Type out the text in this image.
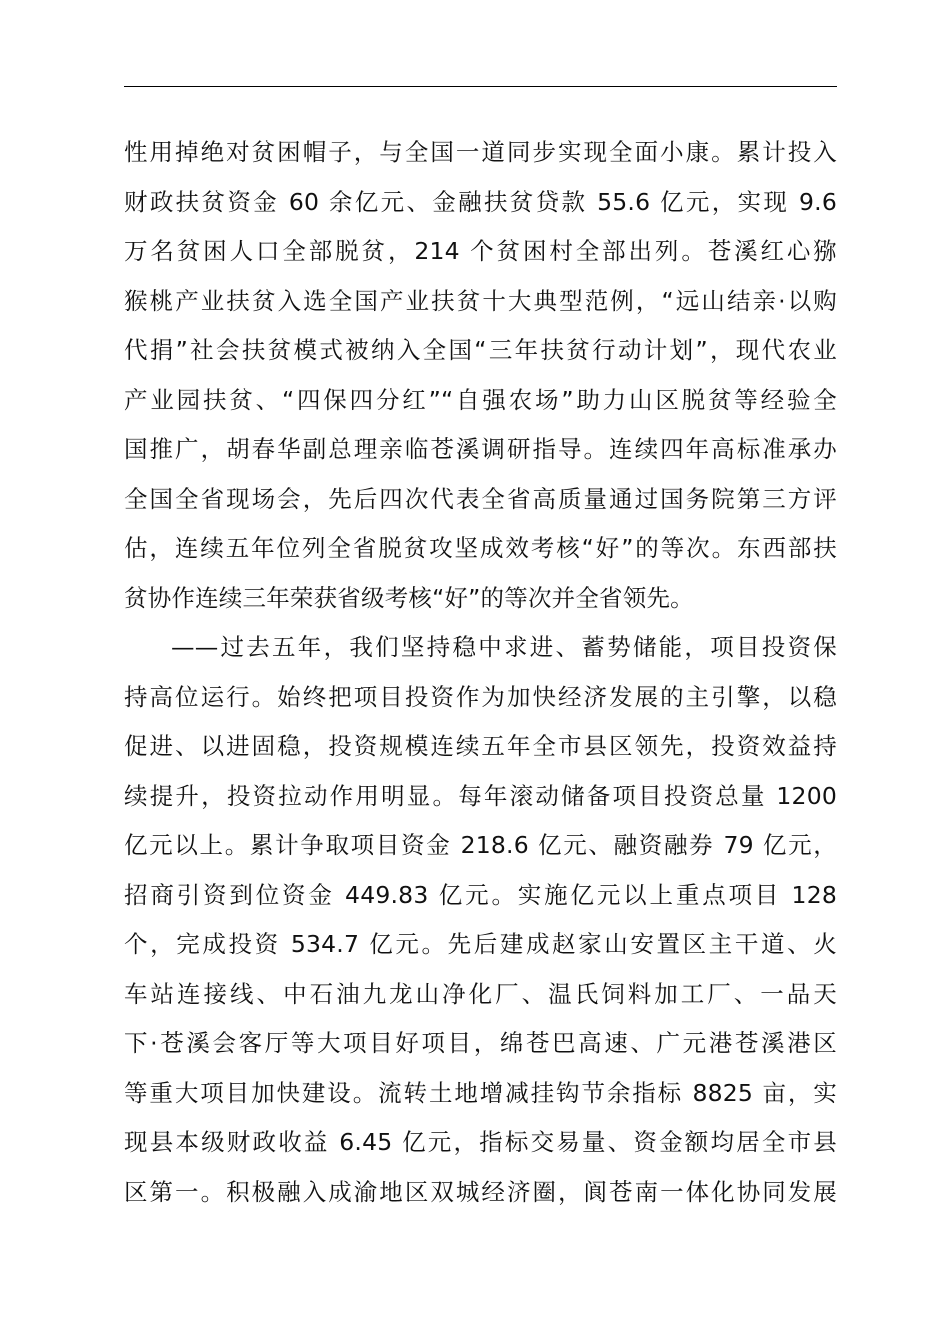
性用掉绝对贫困帽子，与全国一道同步实现全面小康。累计投入
财政扶贫资金 60 余亿元、金融扶贫贷款 55.6 亿元，实现 9.6
万名贫困人口全部脱贫，214 个贫困村全部出列。苍溪红心猕
猴桃产业扶贫入选全国产业扶贫十大典型范例，“远山结亲·以购
代捐”社会扶贫模式被纳入全国“三年扶贫行动计划”，现代农业
产业园扶贫、“四保四分红”“自强农场”助力山区脱贫等经验全
国推广，胡春华副总理亲临苍溪调研指导。连续四年高标准承办
全国全省现场会，先后四次代表全省高质量通过国务院第三方评
估，连续五年位列全省脱贫攻坚成效考核“好”的等次。东西部扶
贫协作连续三年荣获省级考核“好”的等次并全省领先。
——过去五年，我们坚持稳中求进、蓄势储能，项目投资保
持高位运行。始终把项目投资作为加快经济发展的主引擎，以稳
促进、以进固稳，投资规模连续五年全市县区领先，投资效益持
续提升，投资拉动作用明显。每年滚动储备项目投资总量 1200
亿元以上。累计争取项目资金 218.6 亿元、融资融券 79 亿元，
招商引资到位资金 449.83 亿元。实施亿元以上重点项目 128
个，完成投资 534.7 亿元。先后建成赵家山安置区主干道、火
车站连接线、中石油九龙山净化厂、温氏饲料加工厂、一品天
下·苍溪会客厅等大项目好项目，绵苍巴高速、广元港苍溪港区
等重大项目加快建设。流转土地增减挂钩节余指标 8825 亩，实
现县本级财政收益 6.45 亿元，指标交易量、资金额均居全市县
区第一。积极融入成渝地区双城经济圈，阆苍南一体化协同发展
